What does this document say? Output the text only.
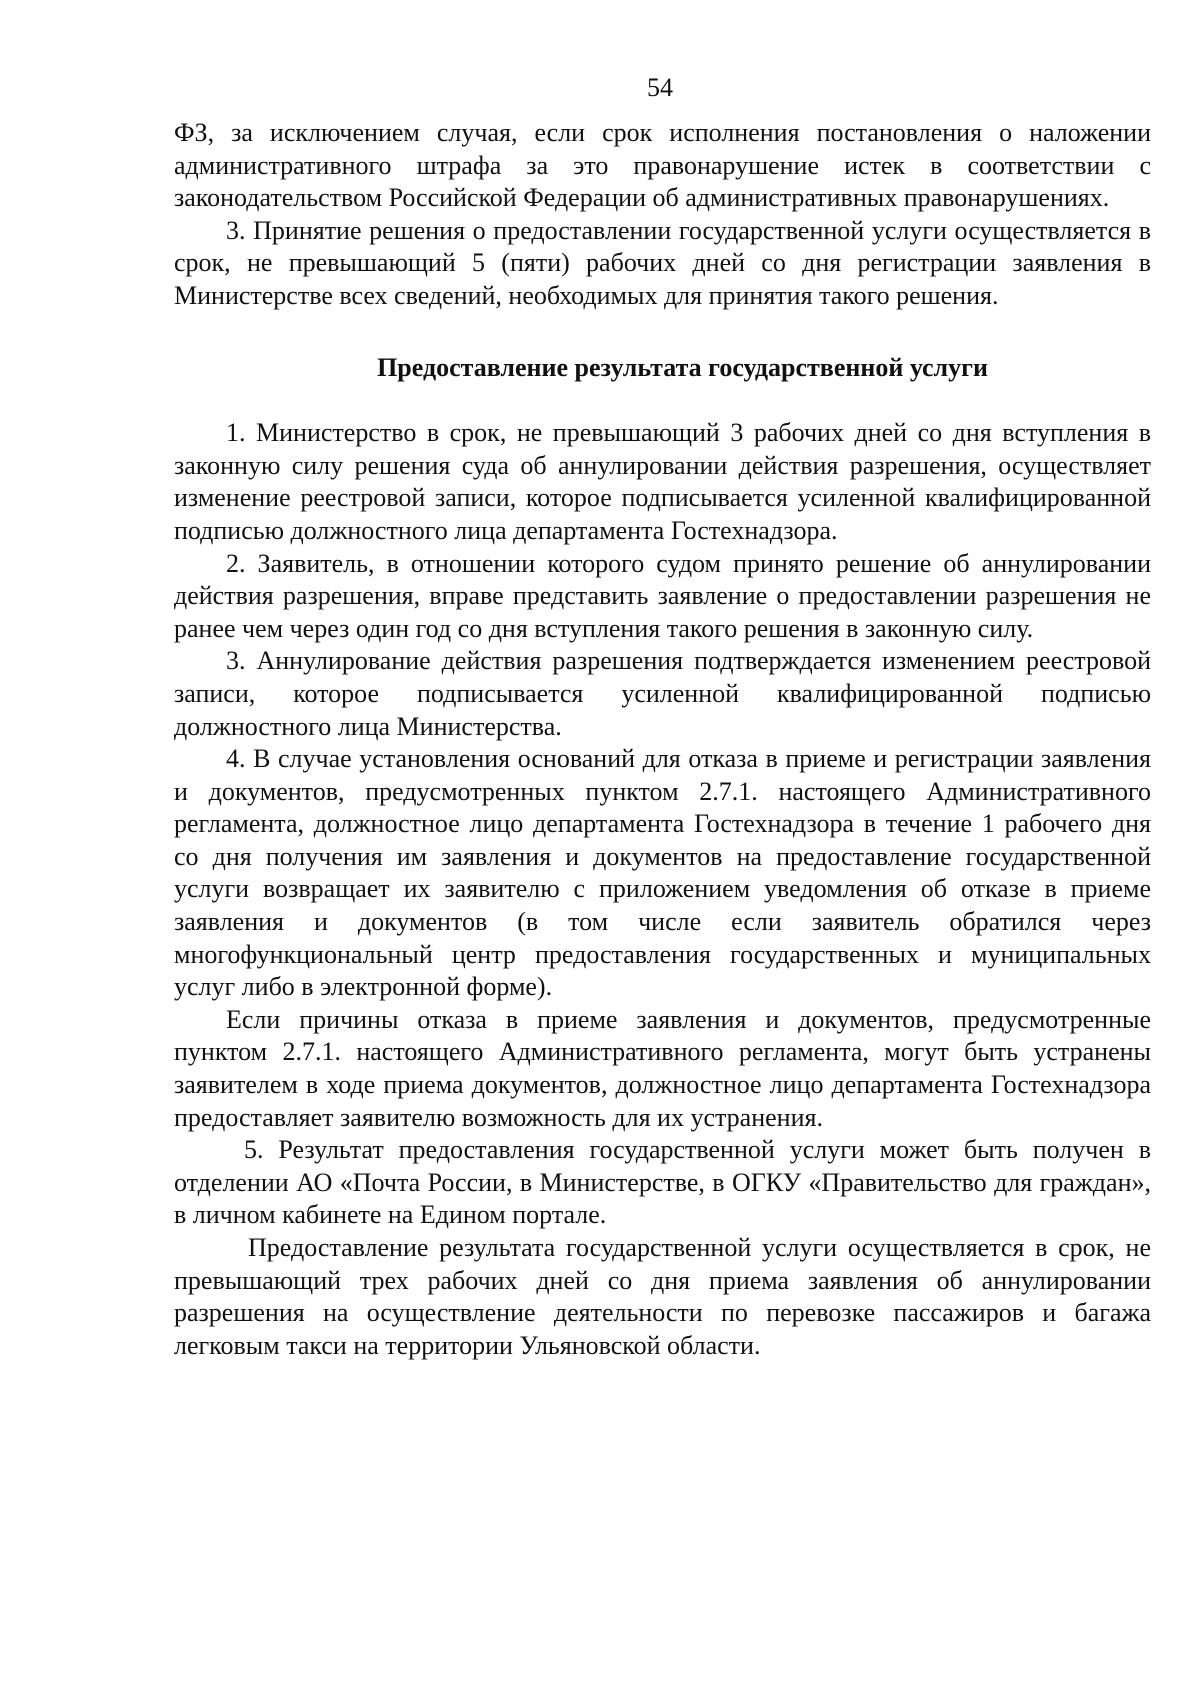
54

ФЗ, за исключением случая, если срок исполнения постановления о наложении административного штрафа за это правонарушение истек в соответствии с законодательством Российской Федерации об административных правонарушениях.

3. Принятие решения о предоставлении государственной услуги осуществляется в срок, не превышающий 5 (пяти) рабочих дней со дня регистрации заявления в Министерстве всех сведений, необходимых для принятия такого решения.

Предоставление результата государственной услуги

1. Министерство в срок, не превышающий 3 рабочих дней со дня вступления в законную силу решения суда об аннулировании действия разрешения, осуществляет изменение реестровой записи, которое подписывается усиленной квалифицированной подписью должностного лица департамента Гостехнадзора.

2. Заявитель, в отношении которого судом принято решение об аннулировании действия разрешения, вправе представить заявление о предоставлении разрешения не ранее чем через один год со дня вступления такого решения в законную силу.

3. Аннулирование действия разрешения подтверждается изменением реестровой записи, которое подписывается усиленной квалифицированной подписью должностного лица Министерства.

4. В случае установления оснований для отказа в приеме и регистрации заявления и документов, предусмотренных пунктом 2.7.1. настоящего Административного регламента, должностное лицо департамента Гостехнадзора в течение 1 рабочего дня со дня получения им заявления и документов на предоставление государственной услуги возвращает их заявителю с приложением уведомления об отказе в приеме заявления и документов (в том числе если заявитель обратился через многофункциональный центр предоставления государственных и муниципальных услуг либо в электронной форме).

Если причины отказа в приеме заявления и документов, предусмотренные пунктом 2.7.1. настоящего Административного регламента, могут быть устранены заявителем в ходе приема документов, должностное лицо департамента Гостехнадзора предоставляет заявителю возможность для их устранения.

5. Результат предоставления государственной услуги может быть получен в отделении АО «Почта России, в Министерстве, в ОГКУ «Правительство для граждан», в личном кабинете на Едином портале.

Предоставление результата государственной услуги осуществляется в срок, не превышающий трех рабочих дней со дня приема заявления об аннулировании разрешения на осуществление деятельности по перевозке пассажиров и багажа легковым такси на территории Ульяновской области.
